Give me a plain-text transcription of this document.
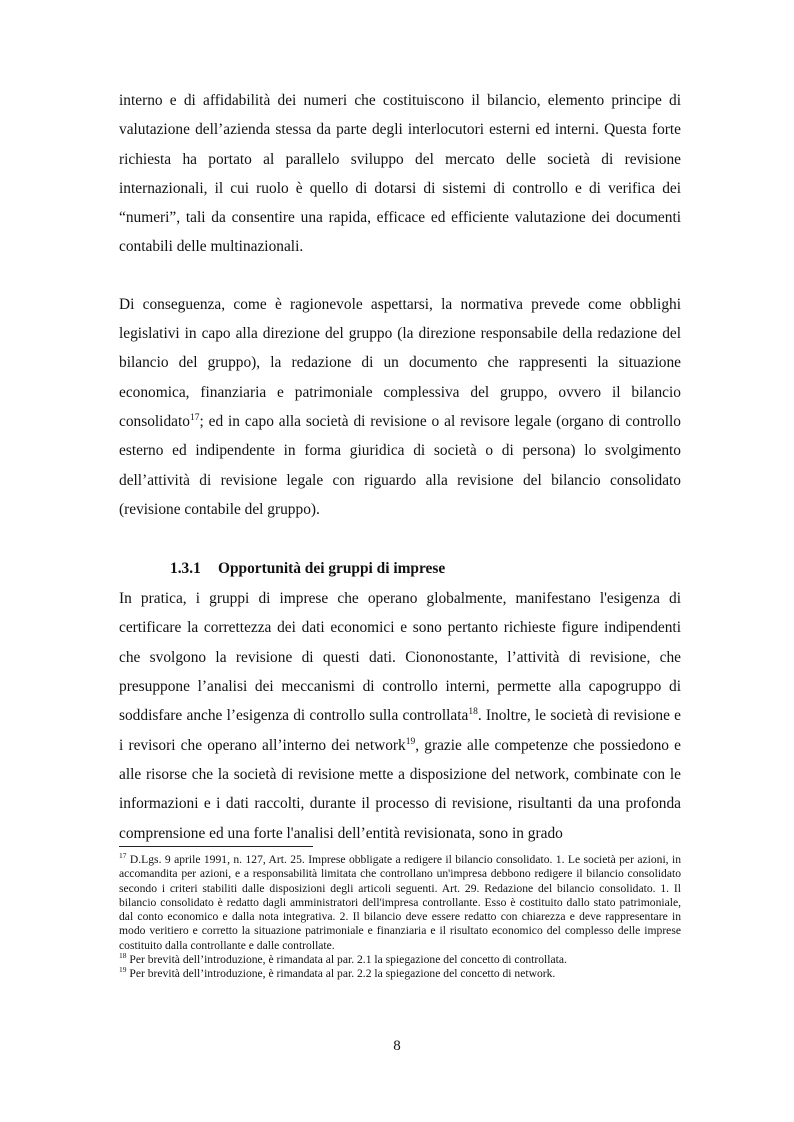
interno e di affidabilità dei numeri che costituiscono il bilancio, elemento principe di valutazione dell’azienda stessa da parte degli interlocutori esterni ed interni. Questa forte richiesta ha portato al parallelo sviluppo del mercato delle società di revisione internazionali, il cui ruolo è quello di dotarsi di sistemi di controllo e di verifica dei “numeri”, tali da consentire una rapida, efficace ed efficiente valutazione dei documenti contabili delle multinazionali.

Di conseguenza, come è ragionevole aspettarsi, la normativa prevede come obblighi legislativi in capo alla direzione del gruppo (la direzione responsabile della redazione del bilancio del gruppo), la redazione di un documento che rappresenti la situazione economica, finanziaria e patrimoniale complessiva del gruppo, ovvero il bilancio consolidato$^{17}$; ed in capo alla società di revisione o al revisore legale (organo di controllo esterno ed indipendente in forma giuridica di società o di persona) lo svolgimento dell’attività di revisione legale con riguardo alla revisione del bilancio consolidato (revisione contabile del gruppo).

1.3.1 Opportunità dei gruppi di imprese

In pratica, i gruppi di imprese che operano globalmente, manifestano l'esigenza di certificare la correttezza dei dati economici e sono pertanto richieste figure indipendenti che svolgono la revisione di questi dati. Ciononostante, l’attività di revisione, che presuppone l’analisi dei meccanismi di controllo interni, permette alla capogruppo di soddisfare anche l’esigenza di controllo sulla controllata$^{18}$. Inoltre, le società di revisione e i revisori che operano all’interno dei network$^{19}$, grazie alle competenze che possiedono e alle risorse che la società di revisione mette a disposizione del network, combinate con le informazioni e i dati raccolti, durante il processo di revisione, risultanti da una profonda comprensione ed una forte l'analisi dell’entità revisionata, sono in grado

$^{17}$ D.Lgs. 9 aprile 1991, n. 127, Art. 25. Imprese obbligate a redigere il bilancio consolidato. 1. Le società per azioni, in accomandita per azioni, e a responsabilità limitata che controllano un'impresa debbono redigere il bilancio consolidato secondo i criteri stabiliti dalle disposizioni degli articoli seguenti. Art. 29. Redazione del bilancio consolidato. 1. Il bilancio consolidato è redatto dagli amministratori dell'impresa controllante. Esso è costituito dallo stato patrimoniale, dal conto economico e dalla nota integrativa. 2. Il bilancio deve essere redatto con chiarezza e deve rappresentare in modo veritiero e corretto la situazione patrimoniale e finanziaria e il risultato economico del complesso delle imprese costituito dalla controllante e dalle controllate.

$^{18}$ Per brevità dell’introduzione, è rimandata al par. 2.1 la spiegazione del concetto di controllata.

$^{19}$ Per brevità dell’introduzione, è rimandata al par. 2.2 la spiegazione del concetto di network.

8
